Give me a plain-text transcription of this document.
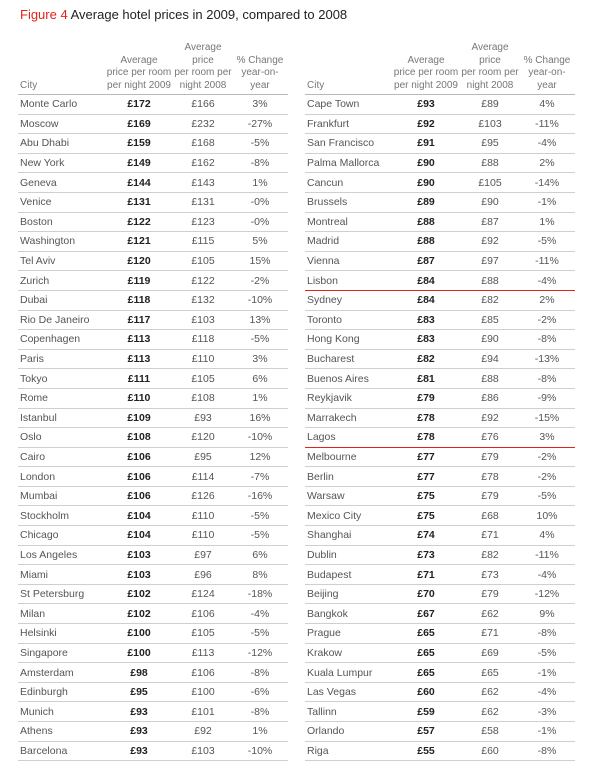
Figure 4 Average hotel prices in 2009, compared to 2008
City	Average
price per room
per night 2009	Average price
per room per
night 2008	% Change
year-on-year
Monte Carlo	£172	£166	3%
Moscow	£169	£232	-27%
Abu Dhabi	£159	£168	-5%
New York	£149	£162	-8%
Geneva	£144	£143	1%
Venice	£131	£131	-0%
Boston	£122	£123	-0%
Washington	£121	£115	5%
Tel Aviv	£120	£105	15%
Zurich	£119	£122	-2%
Dubai	£118	£132	-10%
Rio De Janeiro	£117	£103	13%
Copenhagen	£113	£118	-5%
Paris	£113	£110	3%
Tokyo	£111	£105	6%
Rome	£110	£108	1%
Istanbul	£109	£93	16%
Oslo	£108	£120	-10%
Cairo	£106	£95	12%
London	£106	£114	-7%
Mumbai	£106	£126	-16%
Stockholm	£104	£110	-5%
Chicago	£104	£110	-5%
Los Angeles	£103	£97	6%
Miami	£103	£96	8%
St Petersburg	£102	£124	-18%
Milan	£102	£106	-4%
Helsinki	£100	£105	-5%
Singapore	£100	£113	-12%
Amsterdam	£98	£106	-8%
Edinburgh	£95	£100	-6%
Munich	£93	£101	-8%
Athens	£93	£92	1%
Barcelona	£93	£103	-10%
City	Average
price per room
per night 2009	Average price
per room per
night 2008	% Change
year-on-year
Cape Town	£93	£89	4%
Frankfurt	£92	£103	-11%
San Francisco	£91	£95	-4%
Palma Mallorca	£90	£88	2%
Cancun	£90	£105	-14%
Brussels	£89	£90	-1%
Montreal	£88	£87	1%
Madrid	£88	£92	-5%
Vienna	£87	£97	-11%
Lisbon	£84	£88	-4%
Sydney	£84	£82	2%
Toronto	£83	£85	-2%
Hong Kong	£83	£90	-8%
Bucharest	£82	£94	-13%
Buenos Aires	£81	£88	-8%
Reykjavik	£79	£86	-9%
Marrakech	£78	£92	-15%
Lagos	£78	£76	3%
Melbourne	£77	£79	-2%
Berlin	£77	£78	-2%
Warsaw	£75	£79	-5%
Mexico City	£75	£68	10%
Shanghai	£74	£71	4%
Dublin	£73	£82	-11%
Budapest	£71	£73	-4%
Beijing	£70	£79	-12%
Bangkok	£67	£62	9%
Prague	£65	£71	-8%
Krakow	£65	£69	-5%
Kuala Lumpur	£65	£65	-1%
Las Vegas	£60	£62	-4%
Tallinn	£59	£62	-3%
Orlando	£57	£58	-1%
Riga	£55	£60	-8%
